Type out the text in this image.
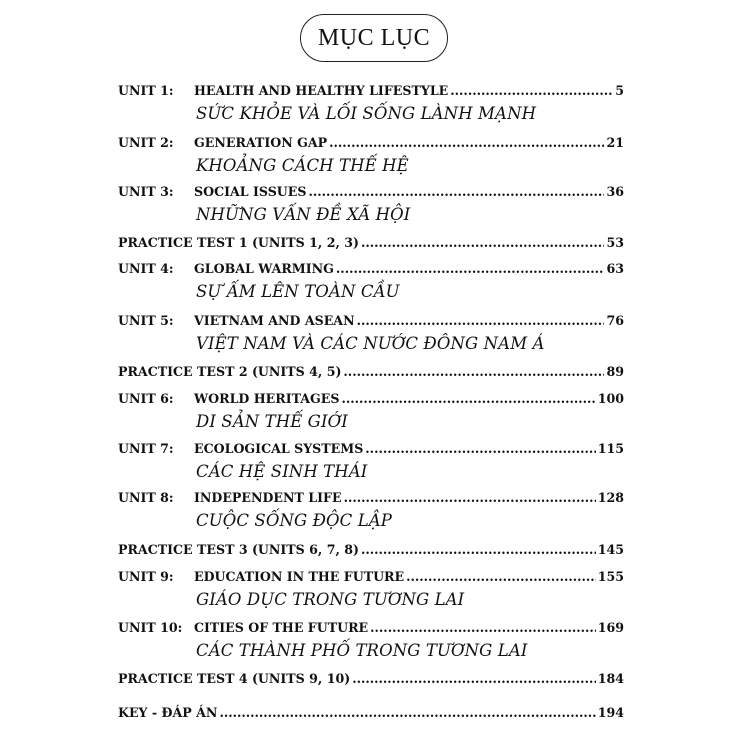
MỤC LỤC
UNIT 1:	HEALTH AND HEALTHY LIFESTYLE .....	5
SỨC KHỎE VÀ LỐI SỐNG LÀNH MẠNH
UNIT 2:	GENERATION GAP .....	21
KHOẢNG CÁCH THẾ HỆ
UNIT 3:	SOCIAL ISSUES .....	36
NHỮNG VẤN ĐỀ XÃ HỘI
PRACTICE TEST 1 (UNITS 1, 2, 3) .....	53
UNIT 4:	GLOBAL WARMING .....	63
SỰ ẤM LÊN TOÀN CẦU
UNIT 5:	VIETNAM AND ASEAN .....	76
VIỆT NAM VÀ CÁC NƯỚC ĐÔNG NAM Á
PRACTICE TEST 2 (UNITS 4, 5) .....	89
UNIT 6:	WORLD HERITAGES .....	100
DI SẢN THẾ GIỚI
UNIT 7:	ECOLOGICAL SYSTEMS .....	115
CÁC HỆ SINH THÁI
UNIT 8:	INDEPENDENT LIFE .....	128
CUỘC SỐNG ĐỘC LẬP
PRACTICE TEST 3 (UNITS 6, 7, 8) .....	145
UNIT 9:	EDUCATION IN THE FUTURE .....	155
GIÁO DỤC TRONG TƯƠNG LAI
UNIT 10: CITIES OF THE FUTURE .....	169
CÁC THÀNH PHỐ TRONG TƯƠNG LAI
PRACTICE TEST 4 (UNITS 9, 10) .....	184
KEY - ĐÁP ÁN .....	194
